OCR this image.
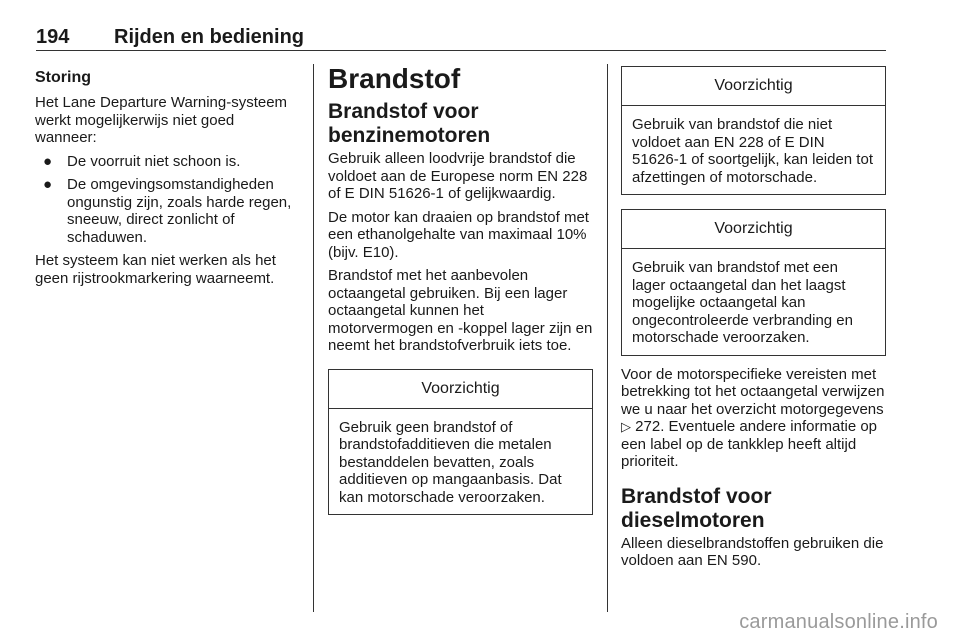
194 Rijden en bediening
Storing

Het Lane Departure Warning-systeem werkt mogelijkerwijs niet goed wanneer:

● De voorruit niet schoon is.
● De omgevingsomstandigheden ongunstig zijn, zoals harde regen, sneeuw, direct zonlicht of schaduwen.

Het systeem kan niet werken als het geen rijstrookmarkering waarneemt.

Brandstof
Brandstof voor benzinemotoren

Gebruik alleen loodvrije brandstof die voldoet aan de Europese norm EN 228 of E DIN 51626-1 of gelijkwaardig.

De motor kan draaien op brandstof met een ethanolgehalte van maximaal 10% (bijv. E10).

Brandstof met het aanbevolen octaangetal gebruiken. Bij een lager octaangetal kunnen het motorvermogen en -koppel lager zijn en neemt het brandstofverbruik iets toe.

Voorzichtig
Gebruik geen brandstof of brandstofadditieven die metalen bestanddelen bevatten, zoals additieven op mangaanbasis. Dat kan motorschade veroorzaken.
Voorzichtig
Gebruik van brandstof die niet voldoet aan EN 228 of E DIN 51626-1 of soortgelijk, kan leiden tot afzettingen of motorschade.
Voorzichtig
Gebruik van brandstof met een lager octaangetal dan het laagst mogelijke octaangetal kan ongecontroleerde verbranding en motorschade veroorzaken.

Voor de motorspecifieke vereisten met betrekking tot het octaangetal verwijzen we u naar het overzicht motorgegevens ▷ 272. Eventuele andere informatie op een label op de tankklep heeft altijd prioriteit.

Brandstof voor dieselmotoren

Alleen dieselbrandstoffen gebruiken die voldoen aan EN 590.

carmanualsonline.info
